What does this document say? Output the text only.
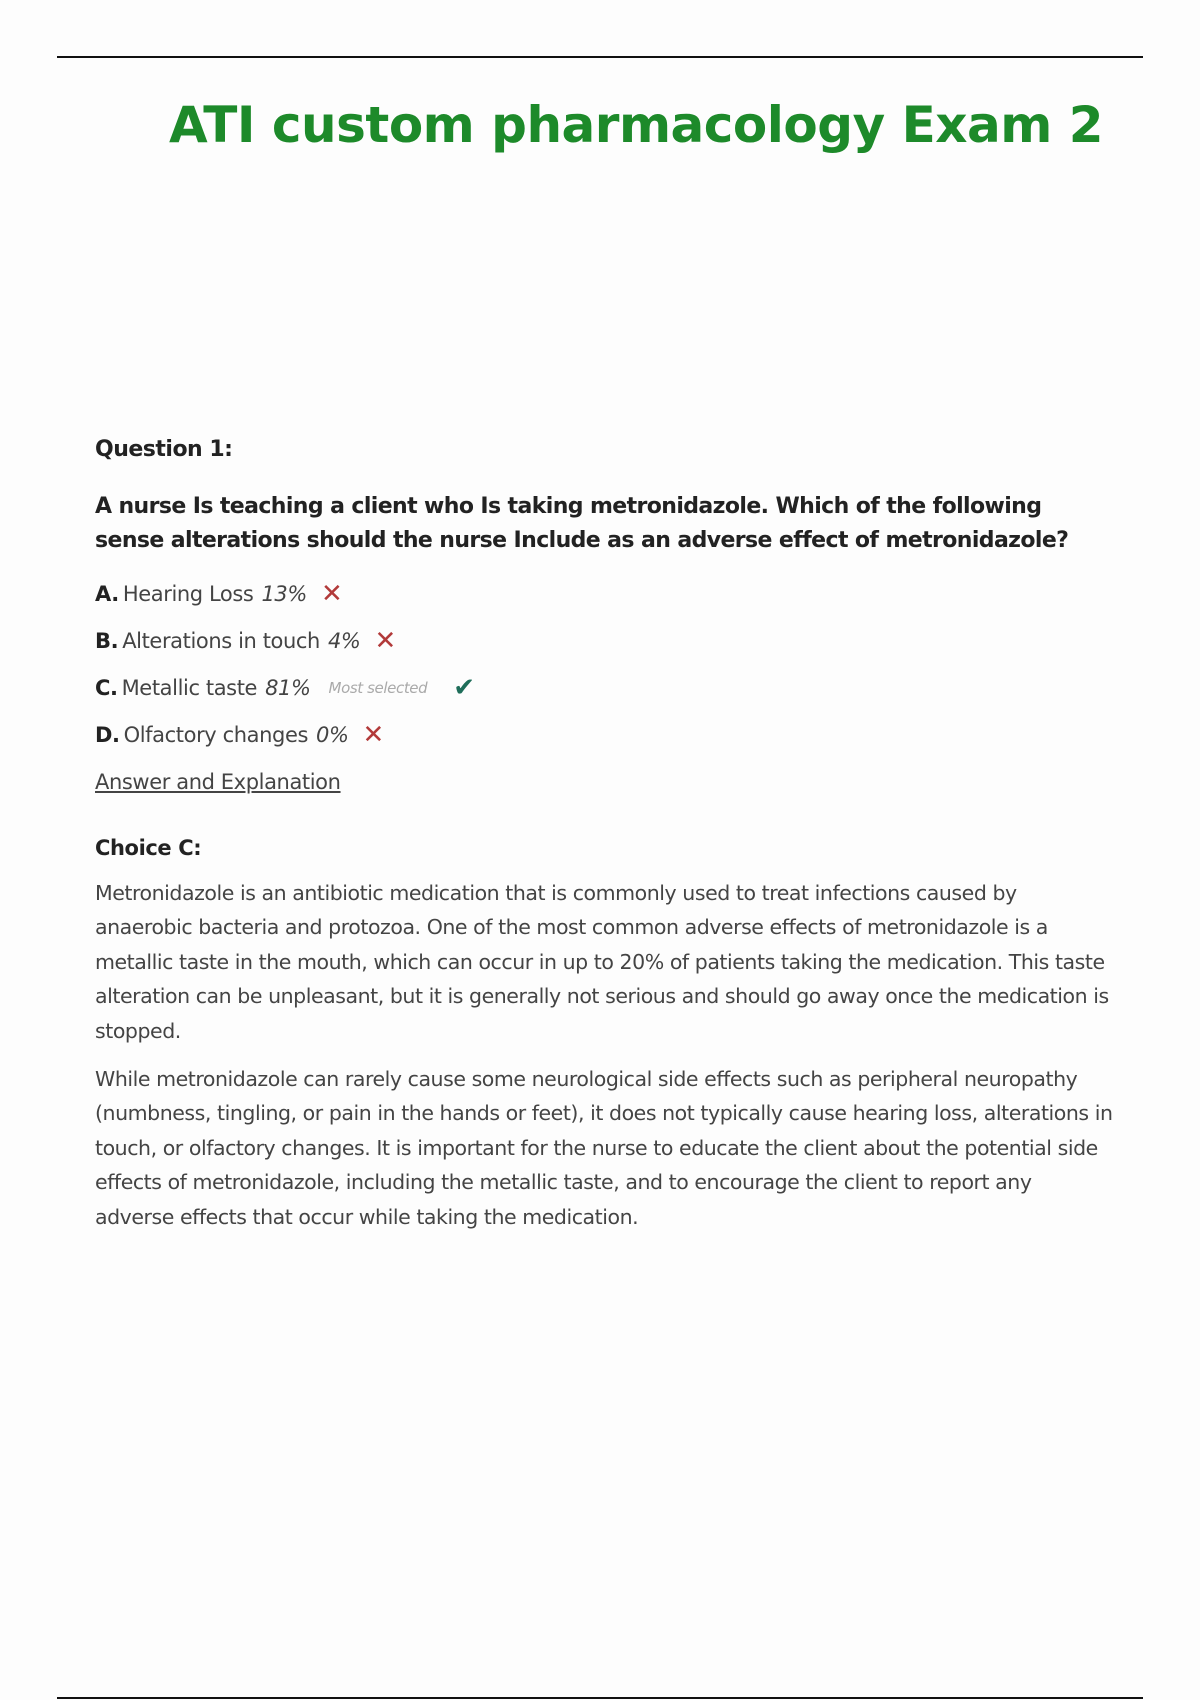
ATI custom pharmacology Exam 2

Question 1:

A nurse Is teaching a client who Is taking metronidazole. Which of the following sense alterations should the nurse Include as an adverse effect of metronidazole?

A. Hearing Loss 13% ✕
B. Alterations in touch 4% ✕
C. Metallic taste 81% Most selected ✔
D. Olfactory changes 0% ✕
Answer and Explanation

Choice C:

Metronidazole is an antibiotic medication that is commonly used to treat infections caused by anaerobic bacteria and protozoa. One of the most common adverse effects of metronidazole is a metallic taste in the mouth, which can occur in up to 20% of patients taking the medication. This taste alteration can be unpleasant, but it is generally not serious and should go away once the medication is stopped.

While metronidazole can rarely cause some neurological side effects such as peripheral neuropathy (numbness, tingling, or pain in the hands or feet), it does not typically cause hearing loss, alterations in touch, or olfactory changes. It is important for the nurse to educate the client about the potential side effects of metronidazole, including the metallic taste, and to encourage the client to report any adverse effects that occur while taking the medication.
